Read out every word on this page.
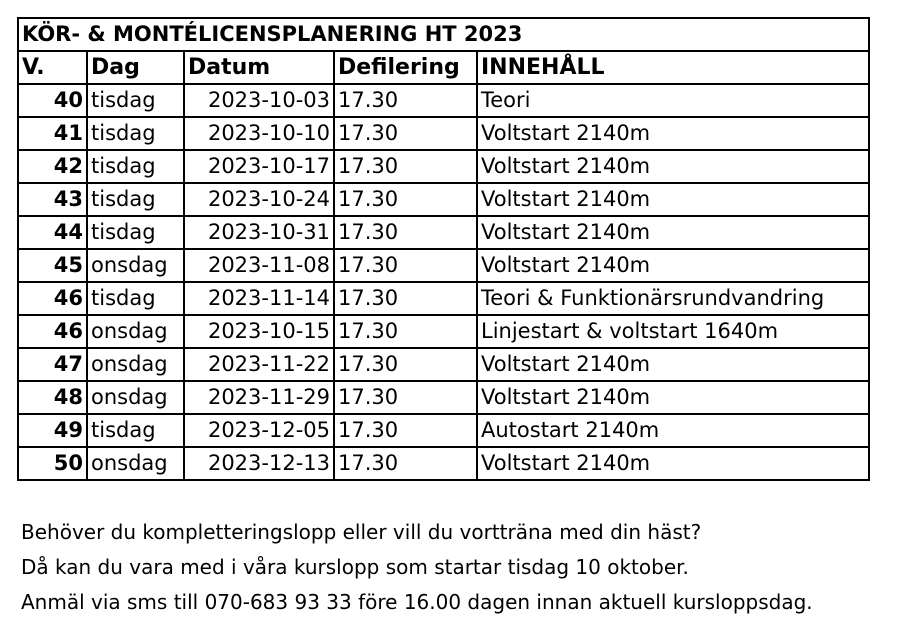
KÖR- & MONTÉLICENSPLANERING HT 2023				
V.	Dag	Datum	Defilering	INNEHÅLL
40	tisdag	2023-10-03	17.30	Teori
41	tisdag	2023-10-10	17.30	Voltstart 2140m
42	tisdag	2023-10-17	17.30	Voltstart 2140m
43	tisdag	2023-10-24	17.30	Voltstart 2140m
44	tisdag	2023-10-31	17.30	Voltstart 2140m
45	onsdag	2023-11-08	17.30	Voltstart 2140m
46	tisdag	2023-11-14	17.30	Teori & Funktionärsrundvandring
46	onsdag	2023-10-15	17.30	Linjestart & voltstart 1640m
47	onsdag	2023-11-22	17.30	Voltstart 2140m
48	onsdag	2023-11-29	17.30	Voltstart 2140m
49	tisdag	2023-12-05	17.30	Autostart 2140m
50	onsdag	2023-12-13	17.30	Voltstart 2140m

Behöver du kompletteringslopp eller vill du vortträna med din häst?

Då kan du vara med i våra kurslopp som startar tisdag 10 oktober.

Anmäl via sms till 070-683 93 33 före 16.00 dagen innan aktuell kursloppsdag.
